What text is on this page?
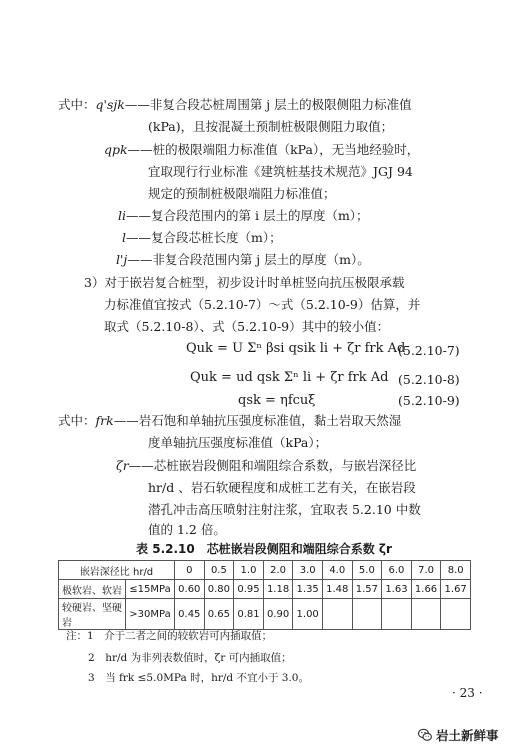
式中：q'sjk——非复合段芯桩周围第 j 层土的极限侧阻力标准值
(kPa)，且按混凝土预制桩极限侧阻力取值；
qpk——桩的极限端阻力标准值（kPa），无当地经验时，
宜取现行行业标准《建筑桩基技术规范》JGJ 94
规定的预制桩极限端阻力标准值；
li——复合段范围内的第 i 层土的厚度（m）；
l——复合段芯桩长度（m）；
l'j——非复合段范围内第 j 层土的厚度（m）。
3）对于嵌岩复合桩型，初步设计时单桩竖向抗压极限承载
力标准值宜按式（5.2.10-7）～式（5.2.10-9）估算，并
取式（5.2.10-8）、式（5.2.10-9）其中的较小值：
Quk = U Σⁿ βsi qsik li + ζr frk Ad
(5.2.10-7)
Quk = ud qsk Σⁿ li + ζr frk Ad (5.2.10-8)
qsk = ηfcuξ	(5.2.10-9)
式中：frk——岩石饱和单轴抗压强度标准值，黏土岩取天然湿
度单轴抗压强度标准值（kPa）；
ζr——芯桩嵌岩段侧阻和端阻综合系数，与嵌岩深径比
hr/d 、岩石软硬程度和成桩工艺有关，在嵌岩段
潜孔冲击高压喷射注射注浆，宜取表 5.2.10 中数
值的 1.2 倍。
表 5.2.10　芯桩嵌岩段侧阻和端阻综合系数 ζr
嵌岩深径比 hr/d		0	0.5	1.0	2.0	3.0	4.0	5.0	6.0	7.0	8.0
极软岩、软岩	≤15MPa	0.60	0.80	0.95	1.18	1.35	1.48	1.57	1.63	1.66	1.67
较硬岩、坚硬岩	>30MPa	0.45	0.65	0.81	0.90	1.00					
注：1　 介于二者之间的较软岩可内插取值；
2　 hr/d 为非列表数值时，ζr 可内插取值；
3　 当 frk ≤5.0MPa 时，hr/d 不宜小于 3.0。
· 23 ·
岩土新鲜事
